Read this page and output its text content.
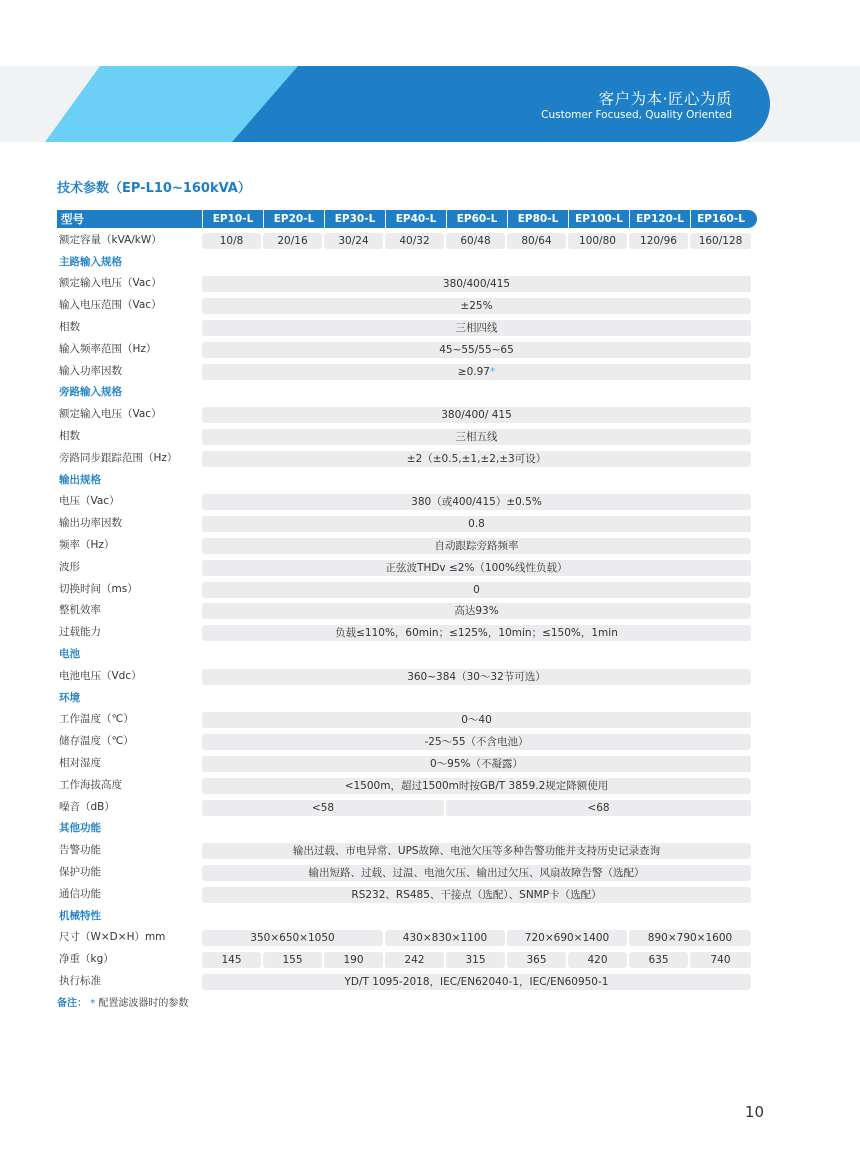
客户为本·匠心为质
Customer Focused, Quality Oriented
技术参数（EP-L10~160kVA）
型号	EP10-L	EP20-L	EP30-L	EP40-L	EP60-L	EP80-L	EP100-L	EP120-L	EP160-L
额定容量（kVA/kW）	10/8	20/16	30/24	40/32	60/48	80/64	100/80	120/96	160/128
主路输入规格
额定输入电压（Vac）	380/400/415
输入电压范围（Vac）	±25%
相数	三相四线
输入频率范围（Hz）	45~55/55~65
输入功率因数	≥0.97*
旁路输入规格
额定输入电压（Vac）	380/400/ 415
相数	三相五线
旁路同步跟踪范围（Hz）	±2（±0.5,±1,±2,±3可设）
输出规格
电压（Vac）	380（或400/415）±0.5%
输出功率因数	0.8
频率（Hz）	自动跟踪旁路频率
波形	正弦波THDv ≤2%（100%线性负载）
切换时间（ms）	0
整机效率	高达93%
过载能力	负载≤110%，60min；≤125%，10min；≤150%，1min
电池
电池电压（Vdc）	360~384（30～32节可选）
环境
工作温度（℃）	0～40
储存温度（℃）	-25～55（不含电池）
相对湿度	0～95%（不凝露）
工作海拔高度	<1500m，超过1500m时按GB/T 3859.2规定降额使用
噪音（dB）	<58	<68
其他功能
告警功能	输出过载、市电异常、UPS故障、电池欠压等多种告警功能并支持历史记录查询
保护功能	输出短路、过载、过温、电池欠压、输出过欠压、风扇故障告警（选配）
通信功能	RS232、RS485、干接点（选配）、SNMP卡（选配）
机械特性
尺寸（W×D×H）mm	350×650×1050	430×830×1100	720×690×1400	890×790×1600
净重（kg）	145	155	190	242	315	365	420	635	740
执行标准	YD/T 1095-2018，IEC/EN62040-1，IEC/EN60950-1
备注： * 配置滤波器时的参数
10
